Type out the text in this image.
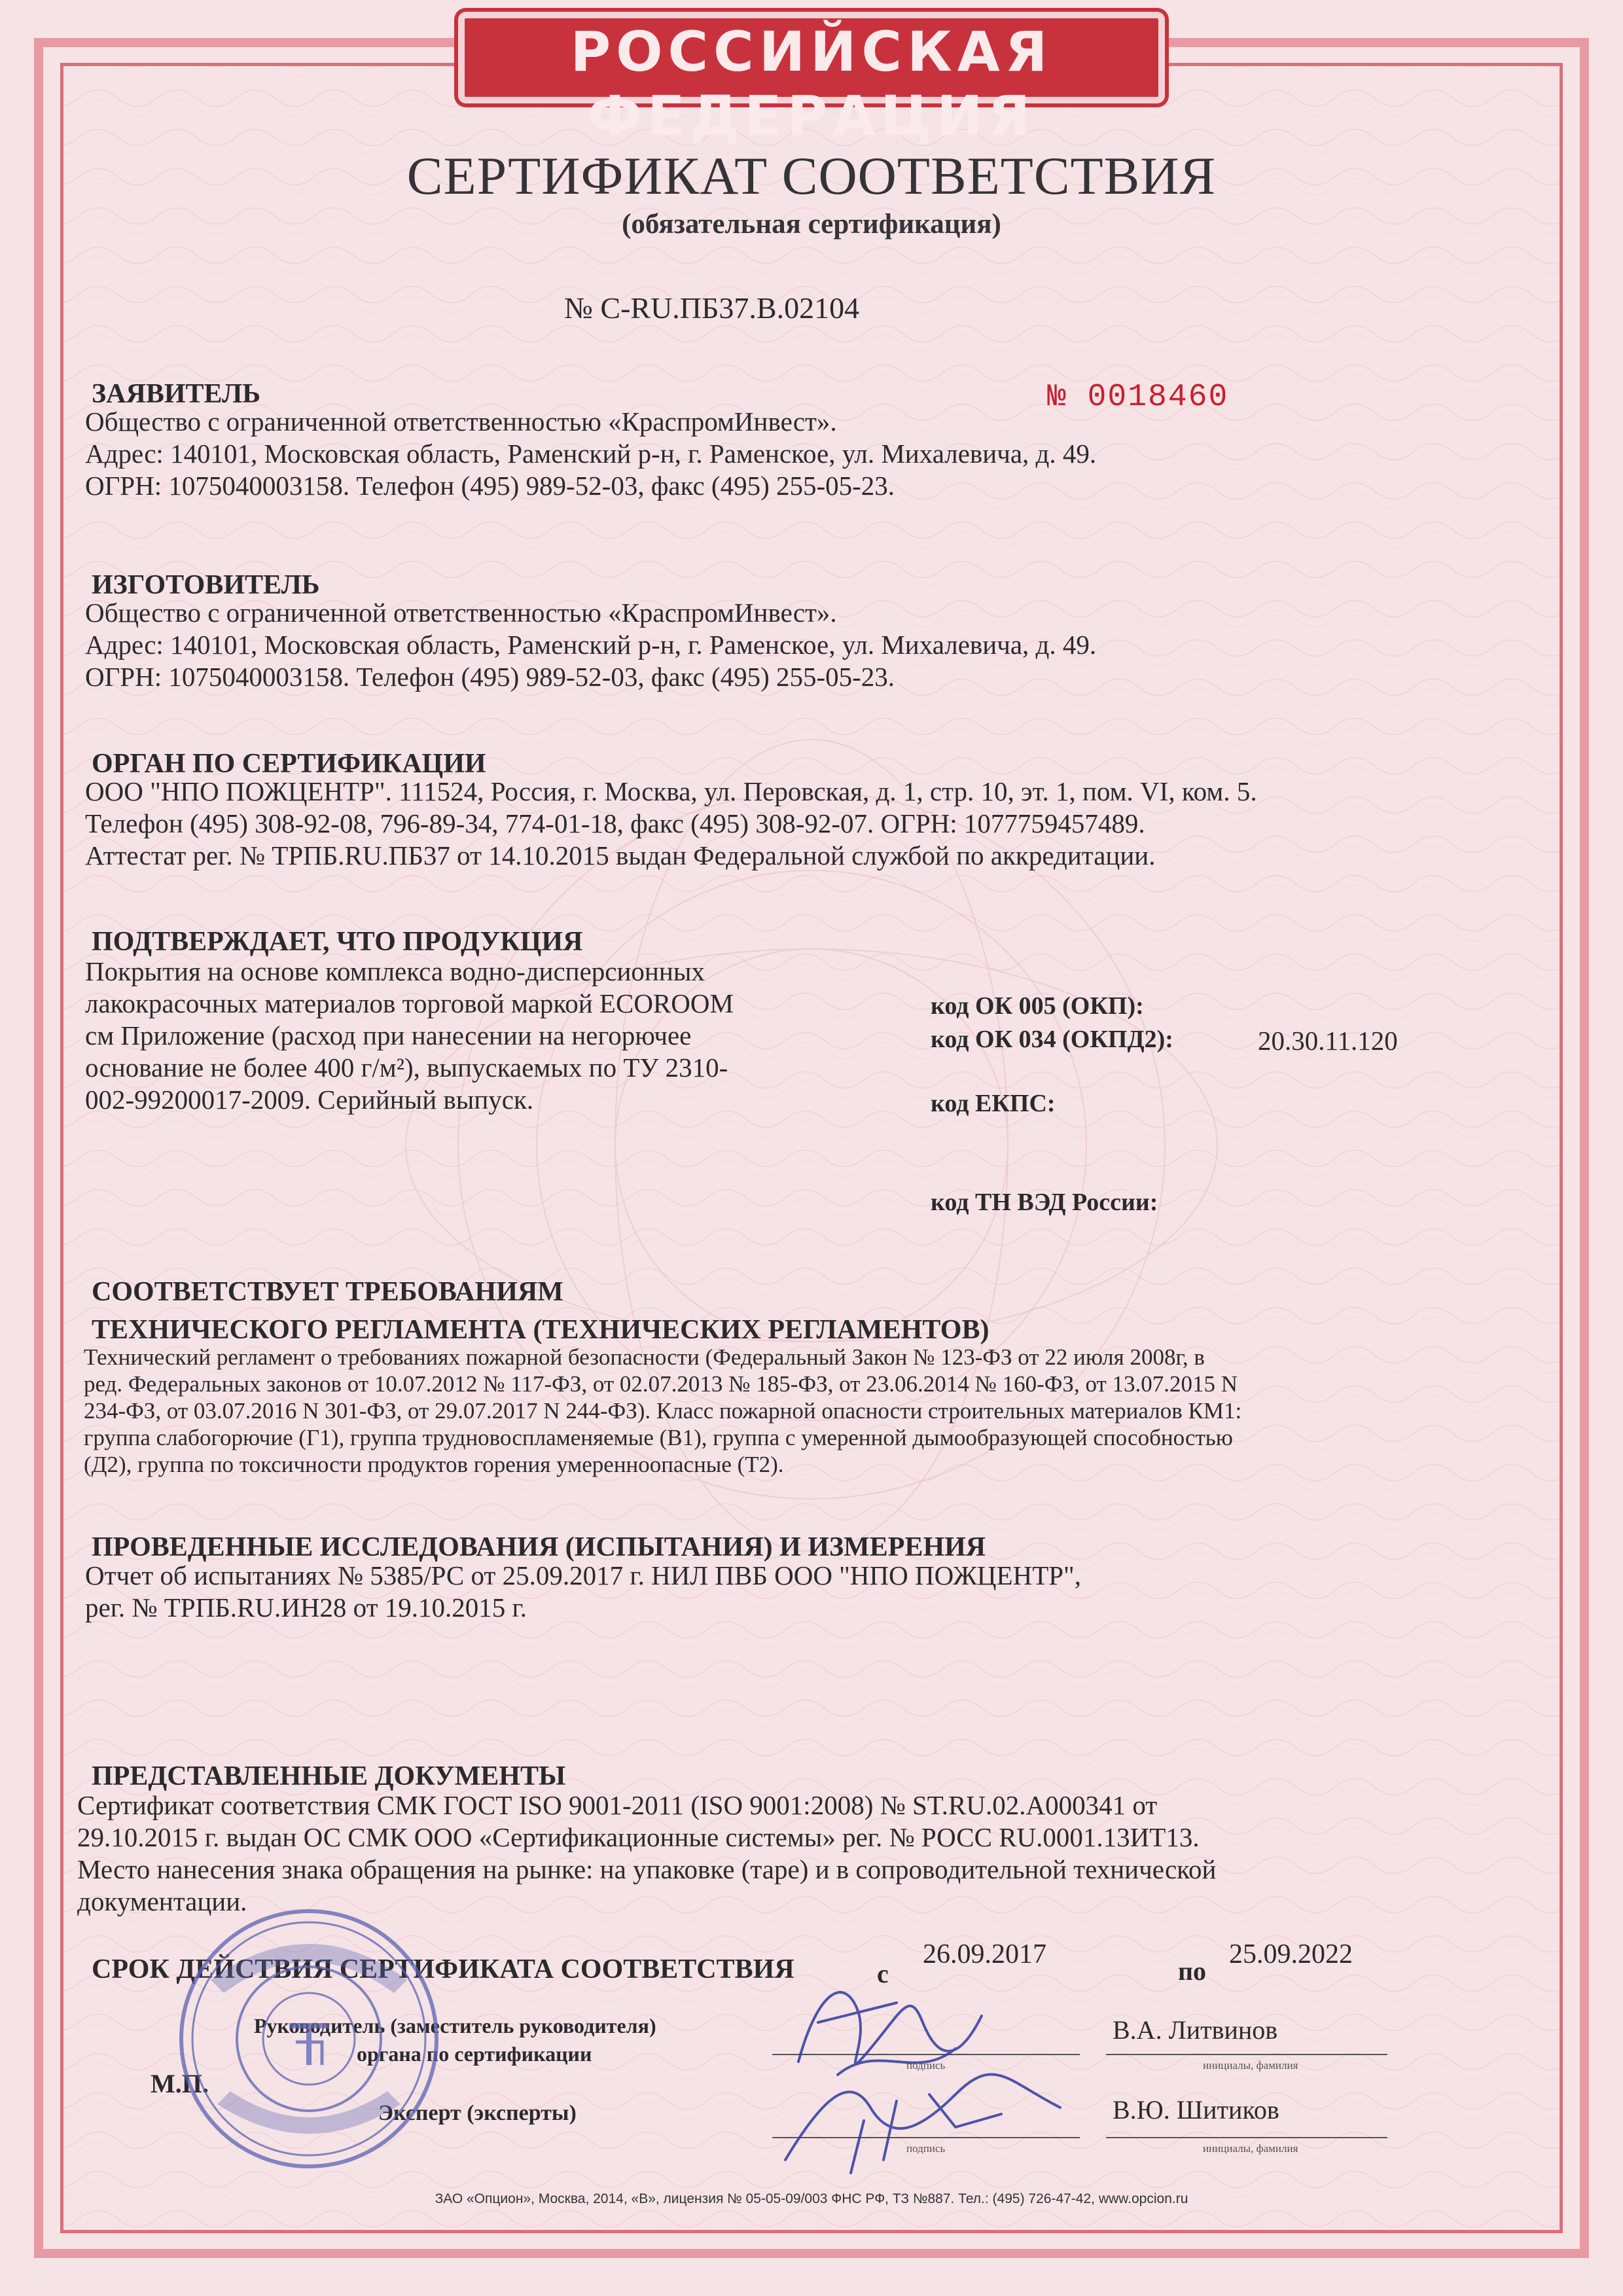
РОССИЙСКАЯ ФЕДЕРАЦИЯ
СЕРТИФИКАТ СООТВЕТСТВИЯ
(обязательная сертификация)
№ С-RU.ПБ37.В.02104
ЗАЯВИТЕЛЬ	№ 0018460
Общество с ограниченной ответственностью «КраспромИнвест».
Адрес: 140101, Московская область, Раменский р-н, г. Раменское, ул. Михалевича, д. 49.
ОГРН: 1075040003158. Телефон (495) 989-52-03, факс (495) 255-05-23.
ИЗГОТОВИТЕЛЬ
Общество с ограниченной ответственностью «КраспромИнвест».
Адрес: 140101, Московская область, Раменский р-н, г. Раменское, ул. Михалевича, д. 49.
ОГРН: 1075040003158. Телефон (495) 989-52-03, факс (495) 255-05-23.
ОРГАН ПО СЕРТИФИКАЦИИ
ООО "НПО ПОЖЦЕНТР". 111524, Россия, г. Москва, ул. Перовская, д. 1, стр. 10, эт. 1, пом. VI, ком. 5.
Телефон (495) 308-92-08, 796-89-34, 774-01-18, факс (495) 308-92-07. ОГРН: 1077759457489.
Аттестат рег. № ТРПБ.RU.ПБ37 от 14.10.2015 выдан Федеральной службой по аккредитации.
ПОДТВЕРЖДАЕТ, ЧТО ПРОДУКЦИЯ
Покрытия на основе комплекса водно-дисперсионных
лакокрасочных материалов торговой маркой ECOROOM
см Приложение (расход при нанесении на негорючее
основание не более 400 г/м²), выпускаемых по ТУ 2310-
002-99200017-2009. Серийный выпуск.
код ОК 005 (ОКП):
код ОК 034 (ОКПД2):	20.30.11.120
код ЕКПС:
код ТН ВЭД России:
СООТВЕТСТВУЕТ ТРЕБОВАНИЯМ
ТЕХНИЧЕСКОГО РЕГЛАМЕНТА (ТЕХНИЧЕСКИХ РЕГЛАМЕНТОВ)
Технический регламент о требованиях пожарной безопасности (Федеральный Закон № 123-ФЗ от 22 июля 2008г, в
ред. Федеральных законов от 10.07.2012 № 117-ФЗ, от 02.07.2013 № 185-ФЗ, от 23.06.2014 № 160-ФЗ, от 13.07.2015 N
234-ФЗ, от 03.07.2016 N 301-ФЗ, от 29.07.2017 N 244-ФЗ). Класс пожарной опасности строительных материалов КМ1:
группа слабогорючие (Г1), группа трудновоспламеняемые (В1), группа с умеренной дымообразующей способностью
(Д2), группа по токсичности продуктов горения умеренноопасные (Т2).
ПРОВЕДЕННЫЕ ИССЛЕДОВАНИЯ (ИСПЫТАНИЯ) И ИЗМЕРЕНИЯ
Отчет об испытаниях № 5385/РС от 25.09.2017 г. НИЛ ПВБ ООО "НПО ПОЖЦЕНТР",
рег. № ТРПБ.RU.ИН28 от 19.10.2015 г.
ПРЕДСТАВЛЕННЫЕ ДОКУМЕНТЫ
Сертификат соответствия СМК ГОСТ ISO 9001-2011 (ISO 9001:2008) № ST.RU.02.A000341 от
29.10.2015 г. выдан ОС СМК ООО «Сертификационные системы» рег. № РОСС RU.0001.13ИТ13.
Место нанесения знака обращения на рынке: на упаковке (таре) и в сопроводительной технической
документации.
СРОК ДЕЙСТВИЯ СЕРТИФИКАТА СООТВЕТСТВИЯ	с
26.09.2017
по
25.09.2022
Руководитель (заместитель руководителя)
органа по сертификации
М.П.
Эксперт (эксперты)
подпись
подпись
В.А. Литвинов
инициалы, фамилия
В.Ю. Шитиков
инициалы, фамилия
ЗАО «Опцион», Москва, 2014, «В», лицензия № 05-05-09/003 ФНС РФ, ТЗ №887. Тел.: (495) 726-47-42, www.opcion.ru
